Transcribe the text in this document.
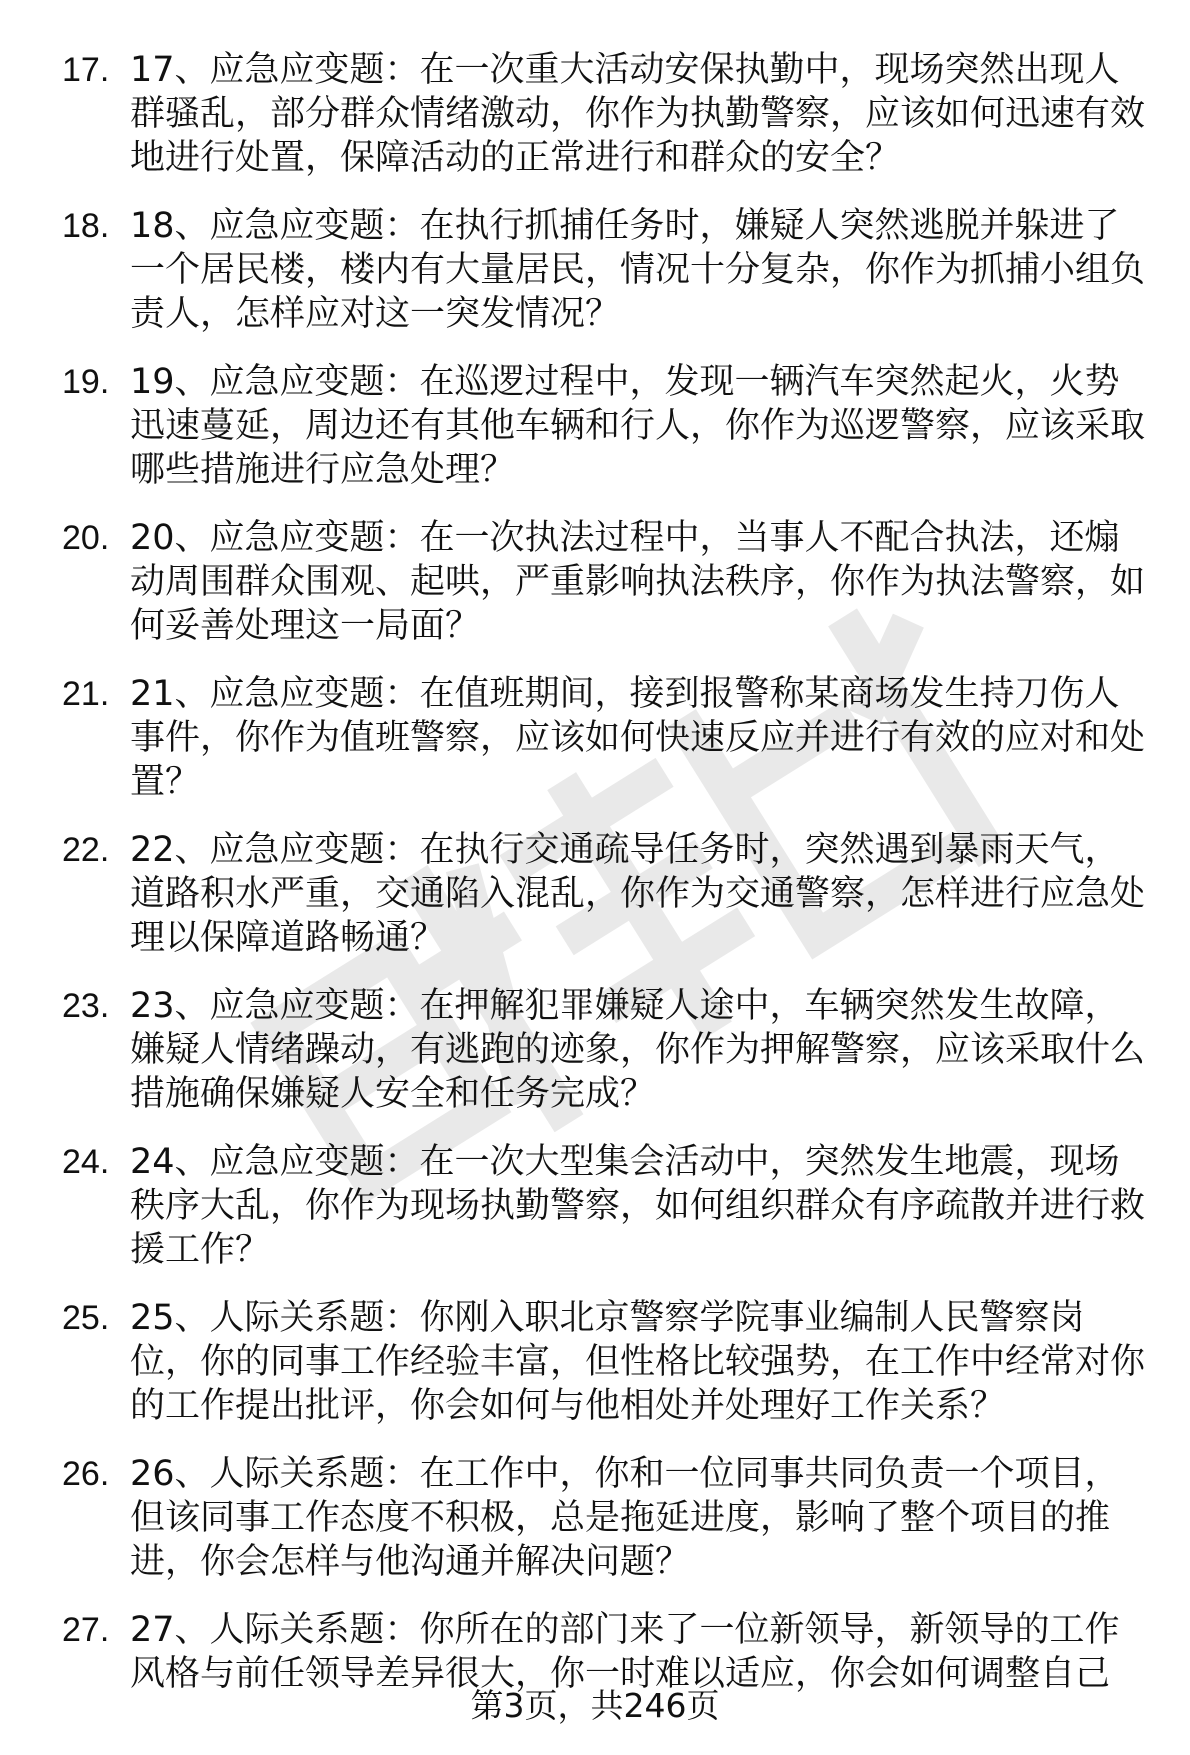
17. 17、应急应变题：在一次重大活动安保执勤中，现场突然出现人群骚乱，部分群众情绪激动，你作为执勤警察，应该如何迅速有效地进行处置，保障活动的正常进行和群众的安全？
18. 18、应急应变题：在执行抓捕任务时，嫌疑人突然逃脱并躲进了一个居民楼，楼内有大量居民，情况十分复杂，你作为抓捕小组负责人，怎样应对这一突发情况？
19. 19、应急应变题：在巡逻过程中，发现一辆汽车突然起火，火势迅速蔓延，周边还有其他车辆和行人，你作为巡逻警察，应该采取哪些措施进行应急处理？
20. 20、应急应变题：在一次执法过程中，当事人不配合执法，还煽动周围群众围观、起哄，严重影响执法秩序，你作为执法警察，如何妥善处理这一局面？
21. 21、应急应变题：在值班期间，接到报警称某商场发生持刀伤人事件，你作为值班警察，应该如何快速反应并进行有效的应对和处置？
22. 22、应急应变题：在执行交通疏导任务时，突然遇到暴雨天气，道路积水严重，交通陷入混乱，你作为交通警察，怎样进行应急处理以保障道路畅通？
23. 23、应急应变题：在押解犯罪嫌疑人途中，车辆突然发生故障，嫌疑人情绪躁动，有逃跑的迹象，你作为押解警察，应该采取什么措施确保嫌疑人安全和任务完成？
24. 24、应急应变题：在一次大型集会活动中，突然发生地震，现场秩序大乱，你作为现场执勤警察，如何组织群众有序疏散并进行救援工作？
25. 25、人际关系题：你刚入职北京警察学院事业编制人民警察岗位，你的同事工作经验丰富，但性格比较强势，在工作中经常对你的工作提出批评，你会如何与他相处并处理好工作关系？
26. 26、人际关系题：在工作中，你和一位同事共同负责一个项目，但该同事工作态度不积极，总是拖延进度，影响了整个项目的推进，你会怎样与他沟通并解决问题？
27. 27、人际关系题：你所在的部门来了一位新领导，新领导的工作风格与前任领导差异很大，你一时难以适应，你会如何调整自己
第3页，共246页
